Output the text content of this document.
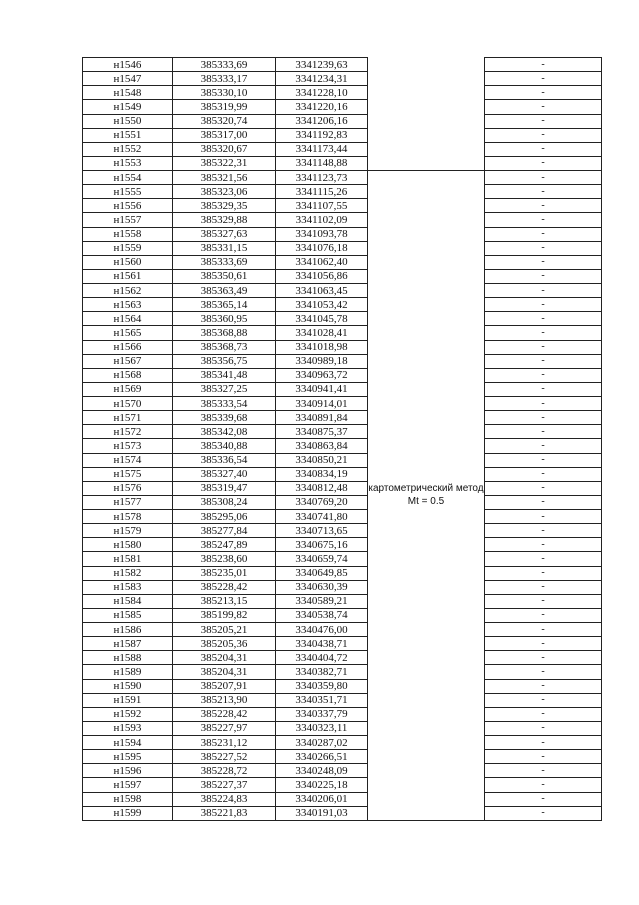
н1546	385333,69	3341239,63		-
н1547	385333,17	3341234,31		-
н1548	385330,10	3341228,10		-
н1549	385319,99	3341220,16		-
н1550	385320,74	3341206,16		-
н1551	385317,00	3341192,83		-
н1552	385320,67	3341173,44		-
н1553	385322,31	3341148,88		-
н1554	385321,56	3341123,73	картометрический метод Mt = 0.5	-
н1555	385323,06	3341115,26		-
н1556	385329,35	3341107,55		-
н1557	385329,88	3341102,09		-
н1558	385327,63	3341093,78		-
н1559	385331,15	3341076,18		-
н1560	385333,69	3341062,40		-
н1561	385350,61	3341056,86		-
н1562	385363,49	3341063,45		-
н1563	385365,14	3341053,42		-
н1564	385360,95	3341045,78		-
н1565	385368,88	3341028,41		-
н1566	385368,73	3341018,98		-
н1567	385356,75	3340989,18		-
н1568	385341,48	3340963,72		-
н1569	385327,25	3340941,41		-
н1570	385333,54	3340914,01		-
н1571	385339,68	3340891,84		-
н1572	385342,08	3340875,37		-
н1573	385340,88	3340863,84		-
н1574	385336,54	3340850,21		-
н1575	385327,40	3340834,19		-
н1576	385319,47	3340812,48		-
н1577	385308,24	3340769,20		-
н1578	385295,06	3340741,80		-
н1579	385277,84	3340713,65		-
н1580	385247,89	3340675,16		-
н1581	385238,60	3340659,74		-
н1582	385235,01	3340649,85		-
н1583	385228,42	3340630,39		-
н1584	385213,15	3340589,21		-
н1585	385199,82	3340538,74		-
н1586	385205,21	3340476,00		-
н1587	385205,36	3340438,71		-
н1588	385204,31	3340404,72		-
н1589	385204,31	3340382,71		-
н1590	385207,91	3340359,80		-
н1591	385213,90	3340351,71		-
н1592	385228,42	3340337,79		-
н1593	385227,97	3340323,11		-
н1594	385231,12	3340287,02		-
н1595	385227,52	3340266,51		-
н1596	385228,72	3340248,09		-
н1597	385227,37	3340225,18		-
н1598	385224,83	3340206,01		-
н1599	385221,83	3340191,03		-
